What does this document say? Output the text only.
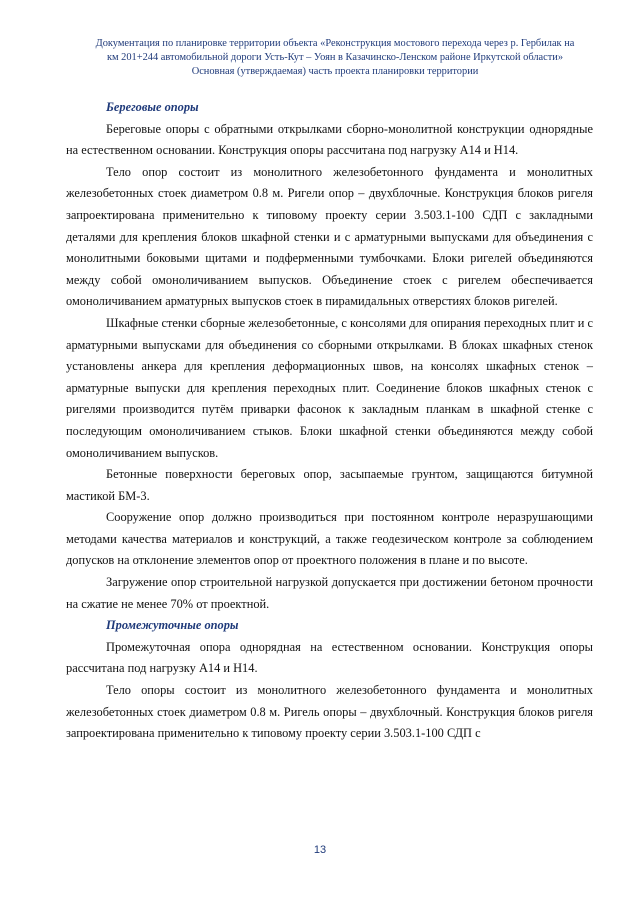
Документация по планировке территории объекта «Реконструкция мостового перехода через р. Гербилак на
км 201+244 автомобильной дороги Усть-Кут – Уоян в Казачинско-Ленском районе Иркутской области»
Основная (утверждаемая) часть проекта планировки территории

Береговые опоры

Береговые опоры с обратными открылками сборно-монолитной конструкции однорядные на естественном основании. Конструкция опоры рассчитана под нагрузку А14 и Н14.

Тело опор состоит из монолитного железобетонного фундамента и монолитных железобетонных стоек диаметром 0.8 м. Ригели опор – двухблочные. Конструкция блоков ригеля запроектирована применительно к типовому проекту серии 3.503.1-100 СДП с закладными деталями для крепления блоков шкафной стенки и с арматурными выпусками для объединения с монолитными боковыми щитами и подферменными тумбочками. Блоки ригелей объединяются между собой омоноличиванием выпусков. Объединение стоек с ригелем обеспечивается омоноличиванием арматурных выпусков стоек в пирамидальных отверстиях блоков ригелей.

Шкафные стенки сборные железобетонные, с консолями для опирания переходных плит и с арматурными выпусками для объединения со сборными открылками. В блоках шкафных стенок установлены анкера для крепления деформационных швов, на консолях шкафных стенок – арматурные выпуски для крепления переходных плит. Соединение блоков шкафных стенок с ригелями производится путём приварки фасонок к закладным планкам в шкафной стенке с последующим омоноличиванием стыков. Блоки шкафной стенки объединяются между собой омоноличиванием выпусков.

Бетонные поверхности береговых опор, засыпаемые грунтом, защищаются битумной мастикой БМ-3.

Сооружение опор должно производиться при постоянном контроле неразрушающими методами качества материалов и конструкций, а также геодезическом контроле за соблюдением допусков на отклонение элементов опор от проектного положения в плане и по высоте.

Загружение опор строительной нагрузкой допускается при достижении бетоном прочности на сжатие не менее 70% от проектной.

Промежуточные опоры

Промежуточная опора однорядная на естественном основании. Конструкция опоры рассчитана под нагрузку А14 и Н14.

Тело опоры состоит из монолитного железобетонного фундамента и монолитных железобетонных стоек диаметром 0.8 м. Ригель опоры – двухблочный. Конструкция блоков ригеля запроектирована применительно к типовому проекту серии 3.503.1-100 СДП с

13
